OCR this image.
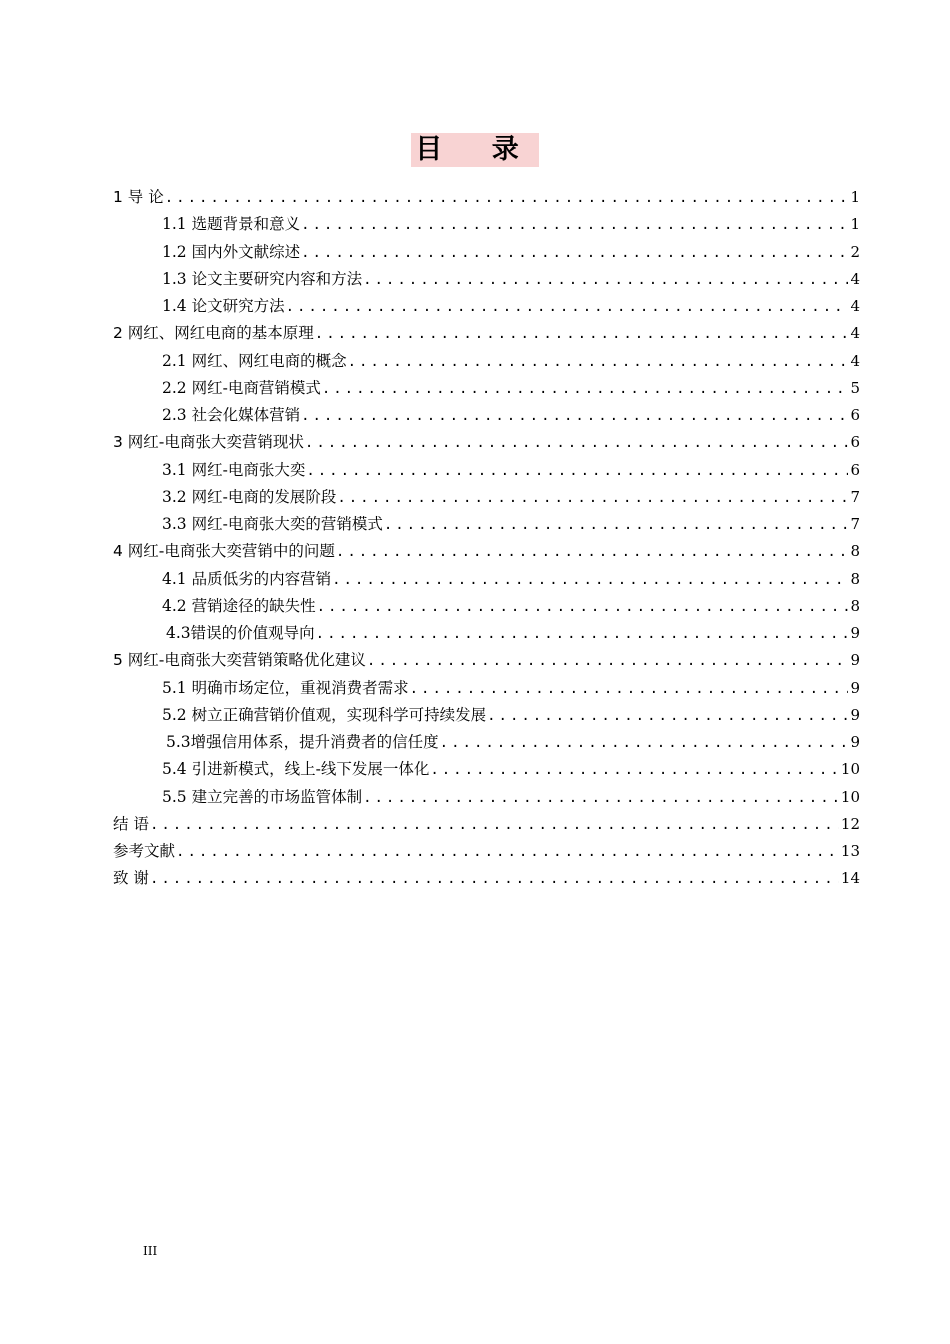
目 录
1 导 论 .....	1
1.1 选题背景和意义 .....	1
1.2 国内外文献综述 .....	2
1.3 论文主要研究内容和方法 .....	4
1.4 论文研究方法 .....	4
2 网红、网红电商的基本原理 .....	4
2.1 网红、网红电商的概念 .....	4
2.2 网红-电商营销模式 .....	5
2.3 社会化媒体营销 .....	6
3 网红-电商张大奕营销现状 .....	6
3.1 网红-电商张大奕 .....	6
3.2 网红-电商的发展阶段 .....	7
3.3 网红-电商张大奕的营销模式 .....	7
4 网红-电商张大奕营销中的问题 .....	8
4.1 品质低劣的内容营销 .....	8
4.2 营销途径的缺失性 .....	8
4.3错误的价值观导向 .....	9
5 网红-电商张大奕营销策略优化建议 .....	9
5.1 明确市场定位，重视消费者需求 .....	9
5.2 树立正确营销价值观，实现科学可持续发展 .....	9
5.3增强信用体系，提升消费者的信任度 .....	9
5.4 引进新模式，线上-线下发展一体化 .....	10
5.5 建立完善的市场监管体制 .....	10
结 语 .....	12
参考文献 .....	13
致 谢 .....	14
III
